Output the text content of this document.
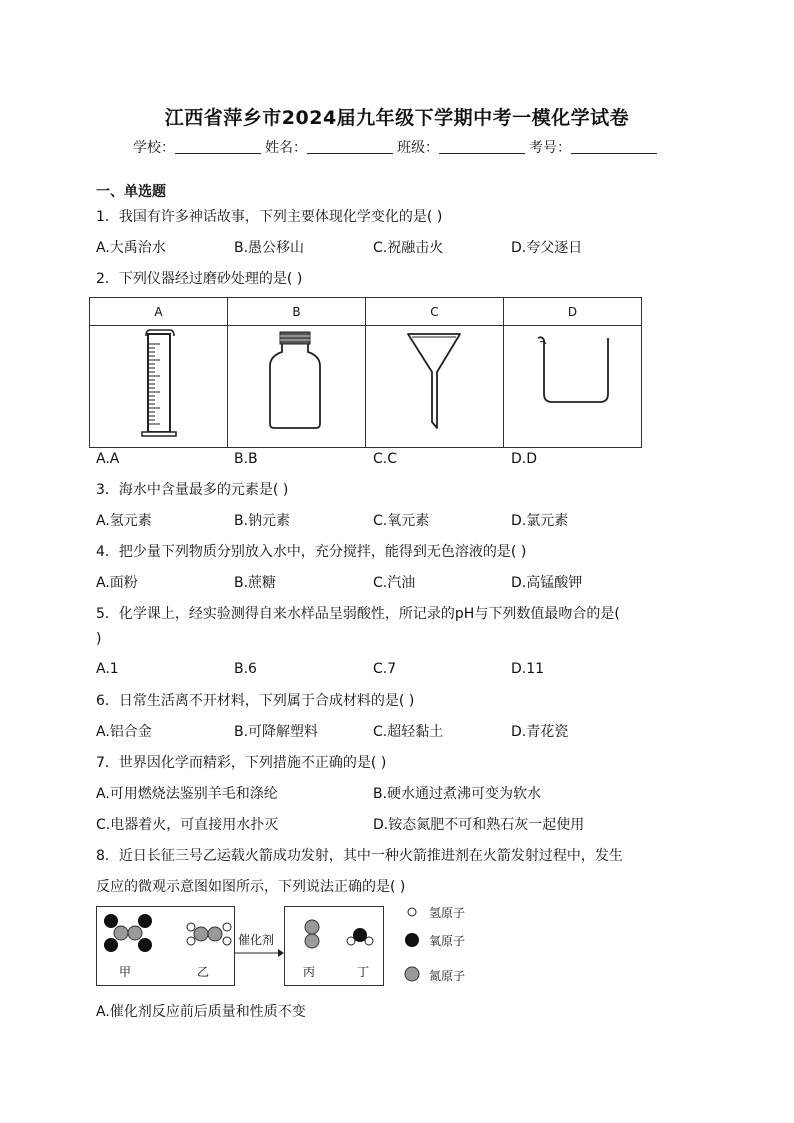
江西省萍乡市2024届九年级下学期中考一模化学试卷
学校：	姓名：	班级：	考号：
一、单选题
1．我国有许多神话故事，下列主要体现化学变化的是( )
A.大禹治水	B.愚公移山	C.祝融击火	D.夸父逐日
2．下列仪器经过磨砂处理的是( )
A	B	C	D

A.A	B.B	C.C	D.D
3．海水中含量最多的元素是( )
A.氢元素	B.钠元素	C.氧元素	D.氯元素
4．把少量下列物质分别放入水中，充分搅拌，能得到无色溶液的是( )
A.面粉	B.蔗糖	C.汽油	D.高锰酸钾
5．化学课上，经实验测得自来水样品呈弱酸性，所记录的pH与下列数值最吻合的是(
)
A.1	B.6	C.7	D.11
6．日常生活离不开材料，下列属于合成材料的是( )
A.铝合金	B.可降解塑料	C.超轻黏土	D.青花瓷
7．世界因化学而精彩，下列措施不正确的是( )
A.可用燃烧法鉴别羊毛和涤纶	B.硬水通过煮沸可变为软水
C.电器着火，可直接用水扑灭	D.铵态氮肥不可和熟石灰一起使用
8．近日长征三号乙运载火箭成功发射，其中一种火箭推进剂在火箭发射过程中，发生
反应的微观示意图如图所示，下列说法正确的是( )
甲	乙
催化剂
丙	丁
氢原子
氧原子
氮原子
A.催化剂反应前后质量和性质不变
